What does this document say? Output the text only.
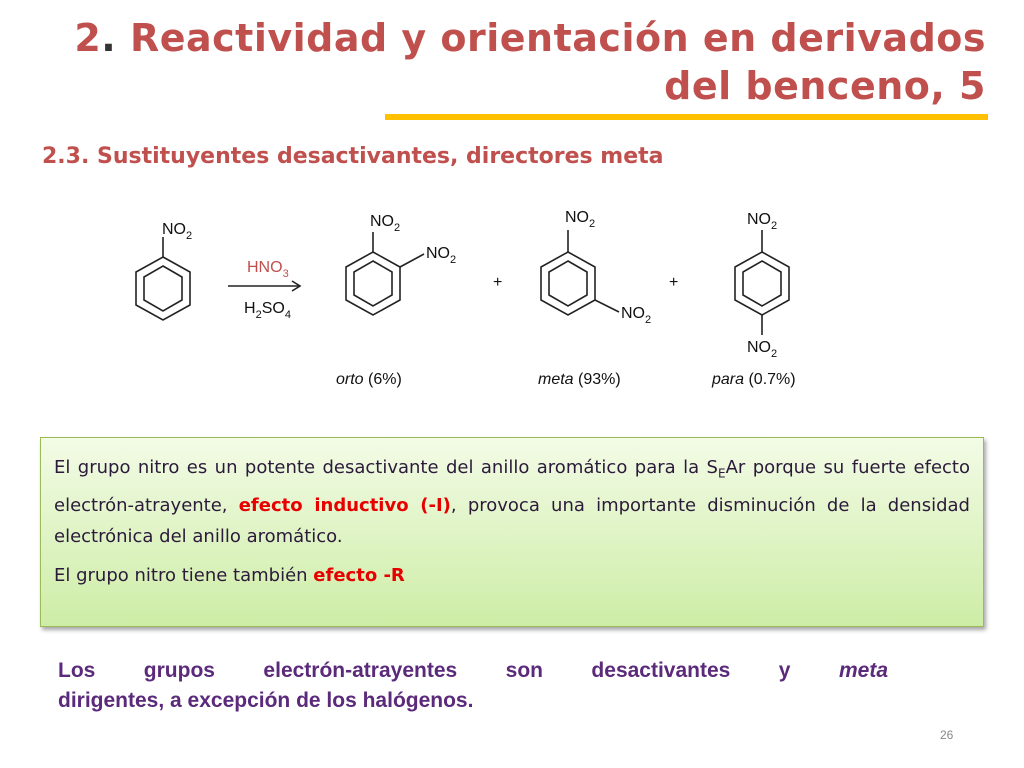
2. Reactividad y orientación en derivados
del benceno, 5
2.3. Sustituyentes desactivantes, directores meta
$NO_2$
$HNO_3$
$H_2SO_4$
$NO_2$
$NO_2$
+
$NO_2$
$NO_2$
+
$NO_2$
$NO_2$
orto (6%)	meta (93%)	para (0.7%)

El grupo nitro es un potente desactivante del anillo aromático para la $S_EAr$ porque su fuerte efecto electrón-atrayente, efecto inductivo (-I), provoca una importante disminución de la densidad electrónica del anillo aromático.

El grupo nitro tiene también efecto -R

Los grupos electrón-atrayentes son desactivantes y meta
dirigentes, a excepción de los halógenos.
26
